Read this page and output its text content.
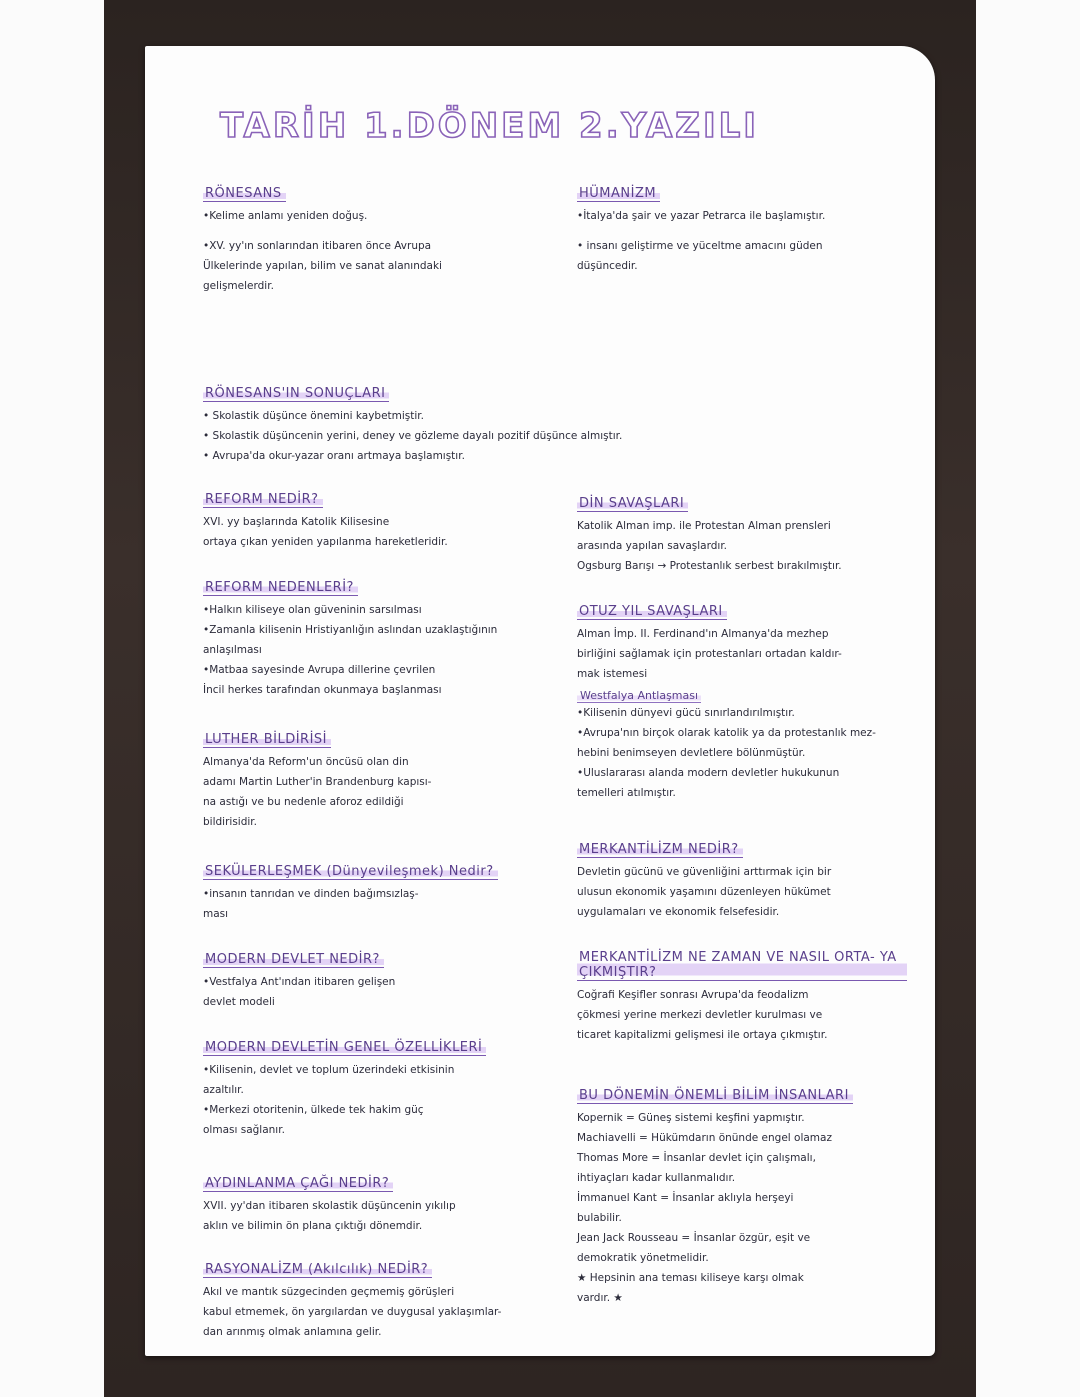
TARİH 1.DÖNEM 2.YAZILI
RÖNESANS

•Kelime anlamı yeniden doğuş.

•XV. yy'ın sonlarından itibaren önce Avrupa

Ülkelerinde yapılan, bilim ve sanat alanındaki

gelişmelerdir.

RÖNESANS'IN SONUÇLARI

• Skolastik düşünce önemini kaybetmiştir.

• Skolastik düşüncenin yerini, deney ve gözleme dayalı pozitif düşünce almıştır.

• Avrupa'da okur-yazar oranı artmaya başlamıştır.

REFORM NEDİR?

XVI. yy başlarında Katolik Kilisesine

ortaya çıkan yeniden yapılanma hareketleridir.

REFORM NEDENLERİ?

•Halkın kiliseye olan güveninin sarsılması

•Zamanla kilisenin Hristiyanlığın aslından uzaklaştığının

anlaşılması

•Matbaa sayesinde Avrupa dillerine çevrilen

İncil herkes tarafından okunmaya başlanması

LUTHER BİLDİRİSİ

Almanya'da Reform'un öncüsü olan din

adamı Martin Luther'in Brandenburg kapısı-

na astığı ve bu nedenle aforoz edildiği

bildirisidir.

SEKÜLERLEŞMEK (Dünyevileşmek) Nedir?

•insanın tanrıdan ve dinden bağımsızlaş-

ması

MODERN DEVLET NEDİR?

•Vestfalya Ant'ından itibaren gelişen

devlet modeli

MODERN DEVLETİN GENEL ÖZELLİKLERİ

•Kilisenin, devlet ve toplum üzerindeki etkisinin

azaltılır.

•Merkezi otoritenin, ülkede tek hakim güç

olması sağlanır.

AYDINLANMA ÇAĞI NEDİR?

XVII. yy'dan itibaren skolastik düşüncenin yıkılıp

aklın ve bilimin ön plana çıktığı dönemdir.

RASYONALİZM (Akılcılık) NEDİR?

Akıl ve mantık süzgecinden geçmemiş görüşleri

kabul etmemek, ön yargılardan ve duygusal yaklaşımlar-

dan arınmış olmak anlamına gelir.

HÜMANİZM

•İtalya'da şair ve yazar Petrarca ile başlamıştır.

• insanı geliştirme ve yüceltme amacını güden

düşüncedir.

DİN SAVAŞLARI

Katolik Alman imp. ile Protestan Alman prensleri

arasında yapılan savaşlardır.

Ogsburg Barışı → Protestanlık serbest bırakılmıştır.

OTUZ YIL SAVAŞLARI

Alman İmp. II. Ferdinand'ın Almanya'da mezhep

birliğini sağlamak için protestanları ortadan kaldır-

mak istemesi

Westfalya Antlaşması

•Kilisenin dünyevi gücü sınırlandırılmıştır.

•Avrupa'nın birçok olarak katolik ya da protestanlık mez-

hebini benimseyen devletlere bölünmüştür.

•Uluslararası alanda modern devletler hukukunun

temelleri atılmıştır.

MERKANTİLİZM NEDİR?

Devletin gücünü ve güvenliğini arttırmak için bir

ulusun ekonomik yaşamını düzenleyen hükümet

uygulamaları ve ekonomik felsefesidir.

MERKANTİLİZM NE ZAMAN VE NASIL ORTA- YA ÇIKMIŞTIR?

Coğrafi Keşifler sonrası Avrupa'da feodalizm

çökmesi yerine merkezi devletler kurulması ve

ticaret kapitalizmi gelişmesi ile ortaya çıkmıştır.

BU DÖNEMİN ÖNEMLİ BİLİM İNSANLARI

Kopernik = Güneş sistemi keşfini yapmıştır.

Machiavelli = Hükümdarın önünde engel olamaz

Thomas More = İnsanlar devlet için çalışmalı,

ihtiyaçları kadar kullanmalıdır.

İmmanuel Kant = İnsanlar aklıyla herşeyi

bulabilir.

Jean Jack Rousseau = İnsanlar özgür, eşit ve

demokratik yönetmelidir.

★ Hepsinin ana teması kiliseye karşı olmak

vardır. ★
